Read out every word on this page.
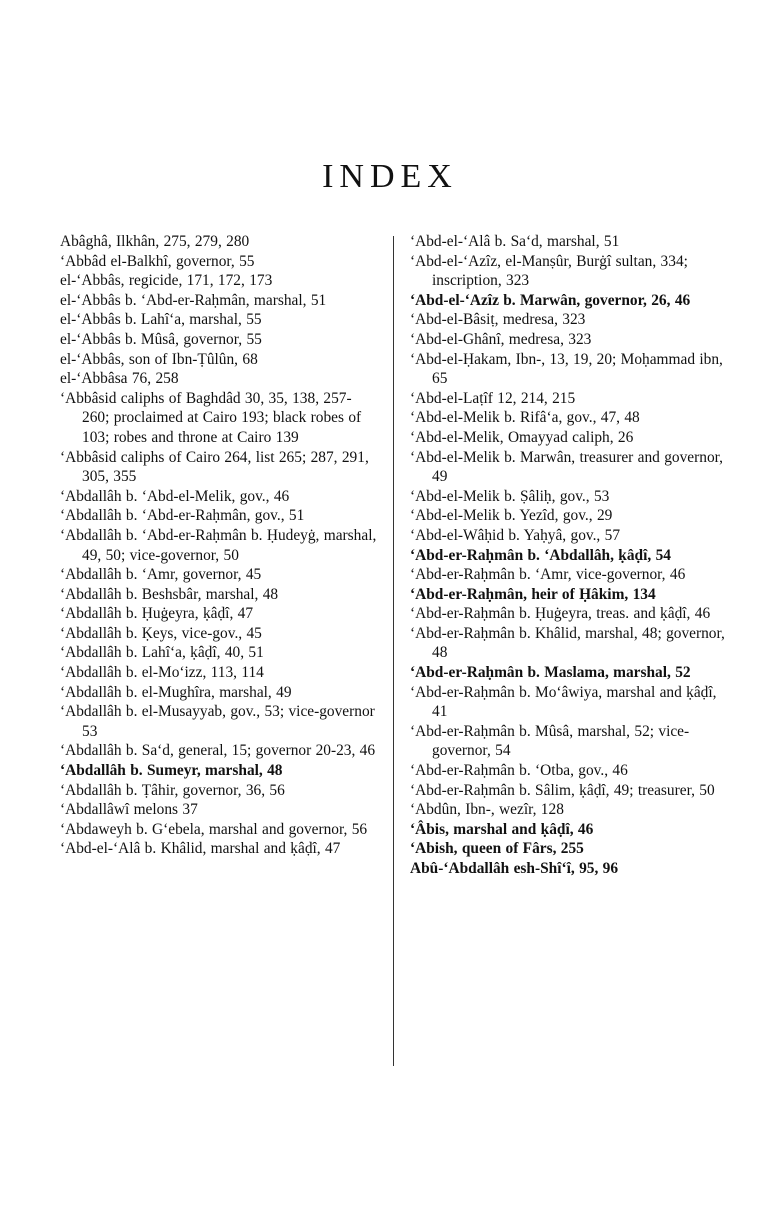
INDEX
Abâghâ, Ilkhân, 275, 279, 280
‘Abbâd el-Balkhî, governor, 55
el-‘Abbâs, regicide, 171, 172, 173
el-‘Abbâs b. ‘Abd-er-Raḥmân, marshal, 51
el-‘Abbâs b. Lahî‘a, marshal, 55
el-‘Abbâs b. Mûsâ, governor, 55
el-‘Abbâs, son of Ibn-Ṭûlûn, 68
el-‘Abbâsa 76, 258
‘Abbâsid caliphs of Baghdâd 30, 35, 138, 257-260; proclaimed at Cairo 193; black robes of 103; robes and throne at Cairo 139
‘Abbâsid caliphs of Cairo 264, list 265; 287, 291, 305, 355
‘Abdallâh b. ‘Abd-el-Melik, gov., 46
‘Abdallâh b. ‘Abd-er-Raḥmân, gov., 51
‘Abdallâh b. ‘Abd-er-Raḥmân b. Ḥudeyġ, marshal, 49, 50; vice-governor, 50
‘Abdallâh b. ‘Amr, governor, 45
‘Abdallâh b. Beshsbâr, marshal, 48
‘Abdallâh b. Ḥuġeyra, ḳâḍî, 47
‘Abdallâh b. Ḳeys, vice-gov., 45
‘Abdallâh b. Lahî‘a, ḳâḍî, 40, 51
‘Abdallâh b. el-Mo‘izz, 113, 114
‘Abdallâh b. el-Mughîra, marshal, 49
‘Abdallâh b. el-Musayyab, gov., 53; vice-governor 53
‘Abdallâh b. Sa‘d, general, 15; governor 20-23, 46
‘Abdallâh b. Sumeyr, marshal, 48
‘Abdallâh b. Ṭâhir, governor, 36, 56
‘Abdallâwî melons 37
‘Abdaweyh b. G‘ebela, marshal and governor, 56
‘Abd-el-‘Alâ b. Khâlid, marshal and ḳâḍî, 47
‘Abd-el-‘Alâ b. Sa‘d, marshal, 51
‘Abd-el-‘Azîz, el-Manṣûr, Burġî sultan, 334; inscription, 323
‘Abd-el-‘Azîz b. Marwân, governor, 26, 46
‘Abd-el-Bâsiṭ, medresa, 323
‘Abd-el-Ghânî, medresa, 323
‘Abd-el-Ḥakam, Ibn-, 13, 19, 20; Moḥammad ibn, 65
‘Abd-el-Laṭîf 12, 214, 215
‘Abd-el-Melik b. Rifâ‘a, gov., 47, 48
‘Abd-el-Melik, Omayyad caliph, 26
‘Abd-el-Melik b. Marwân, treasurer and governor, 49
‘Abd-el-Melik b. Ṣâliḥ, gov., 53
‘Abd-el-Melik b. Yezîd, gov., 29
‘Abd-el-Wâḥid b. Yaḥyâ, gov., 57
‘Abd-er-Raḥmân b. ‘Abdallâh, ḳâḍî, 54
‘Abd-er-Raḥmân b. ‘Amr, vice-governor, 46
‘Abd-er-Raḥmân, heir of Ḥâkim, 134
‘Abd-er-Raḥmân b. Ḥuġeyra, treas. and ḳâḍî, 46
‘Abd-er-Raḥmân b. Khâlid, marshal, 48; governor, 48
‘Abd-er-Raḥmân b. Maslama, marshal, 52
‘Abd-er-Raḥmân b. Mo‘âwiya, marshal and ḳâḍî, 41
‘Abd-er-Raḥmân b. Mûsâ, marshal, 52; vice-governor, 54
‘Abd-er-Raḥmân b. ‘Otba, gov., 46
‘Abd-er-Raḥmân b. Sâlim, ḳâḍî, 49; treasurer, 50
‘Abdûn, Ibn-, wezîr, 128
‘Âbis, marshal and ḳâḍî, 46
‘Abish, queen of Fârs, 255
Abû-‘Abdallâh esh-Shî‘î, 95, 96
